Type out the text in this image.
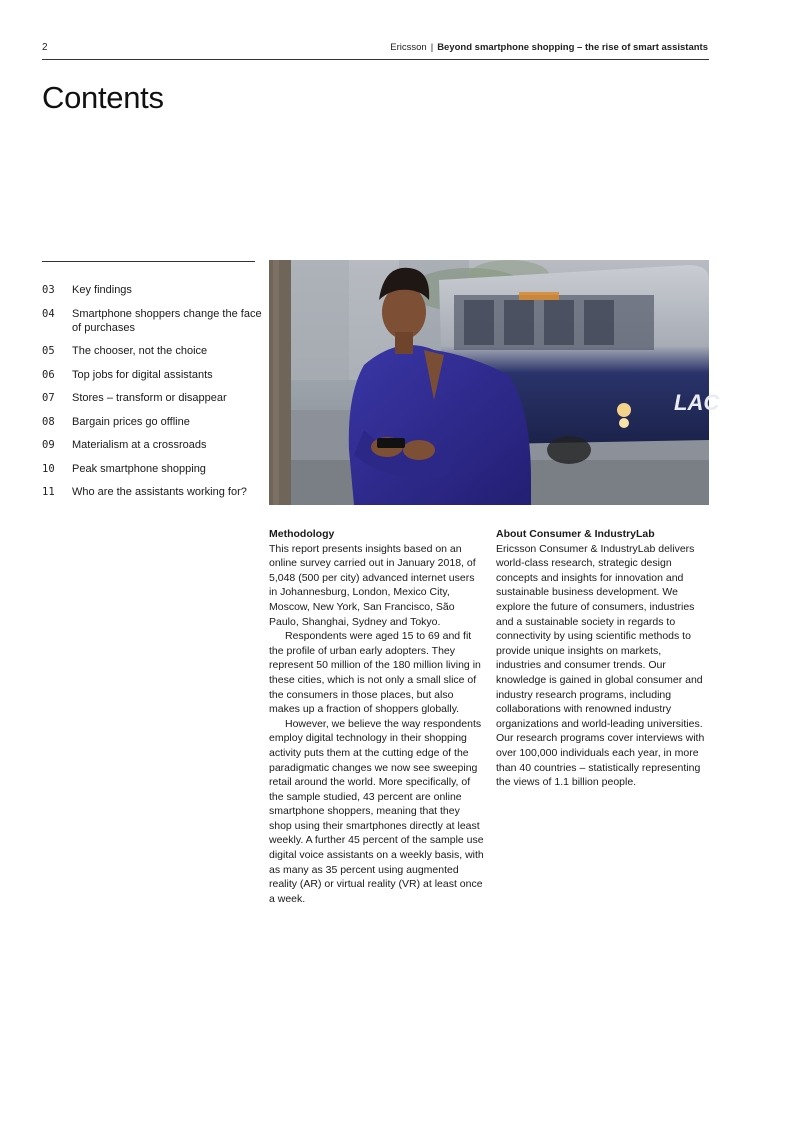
2	Ericsson | Beyond smartphone shopping – the rise of smart assistants
Contents
03	Key findings
04	Smartphone shoppers change the face of purchases
05	The chooser, not the choice
06	Top jobs for digital assistants
07	Stores – transform or disappear
08	Bargain prices go offline
09	Materialism at a crossroads
10	Peak smartphone shopping
11	Who are the assistants working for?
LAC
Methodology

This report presents insights based on an online survey carried out in January 2018, of 5,048 (500 per city) advanced internet users in Johannesburg, London, Mexico City, Moscow, New York, San Francisco, São Paulo, Shanghai, Sydney and Tokyo.

Respondents were aged 15 to 69 and fit the profile of urban early adopters. They represent 50 million of the 180 million living in these cities, which is not only a small slice of the consumers in those places, but also makes up a fraction of shoppers globally.

However, we believe the way respondents employ digital technology in their shopping activity puts them at the cutting edge of the paradigmatic changes we now see sweeping retail around the world. More specifically, of the sample studied, 43 percent are online smartphone shoppers, meaning that they shop using their smartphones directly at least weekly. A further 45 percent of the sample use digital voice assistants on a weekly basis, with as many as 35 percent using augmented reality (AR) or virtual reality (VR) at least once a week.

About Consumer & IndustryLab

Ericsson Consumer & IndustryLab delivers world-class research, strategic design concepts and insights for innovation and sustainable business development. We explore the future of consumers, industries and a sustainable society in regards to connectivity by using scientific methods to provide unique insights on markets, industries and consumer trends. Our knowledge is gained in global consumer and industry research programs, including collaborations with renowned industry organizations and world-leading universities. Our research programs cover interviews with over 100,000 individuals each year, in more than 40 countries – statistically representing the views of 1.1 billion people.
